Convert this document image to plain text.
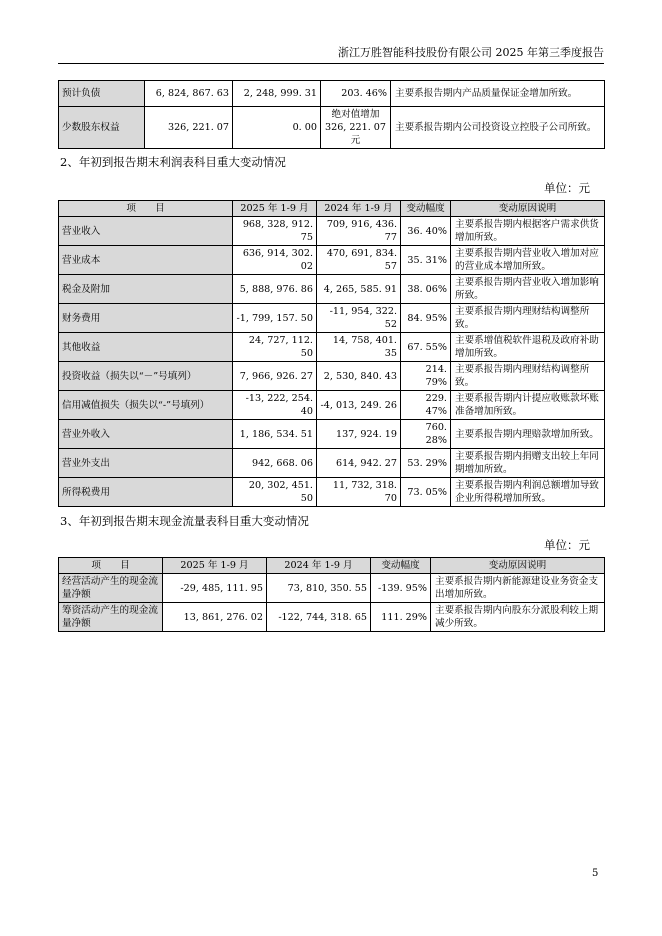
浙江万胜智能科技股份有限公司 2025 年第三季度报告
预计负债	6, 824, 867. 63	2, 248, 999. 31	203. 46%	主要系报告期内产品质量保证金增加所致。
少数股东权益	326, 221. 07	0. 00	绝对值增加326, 221. 07元	主要系报告期内公司投资设立控股子公司所致。
2、年初到报告期末利润表科目重大变动情况
单位：元
项　　目	2025 年 1-9 月	2024 年 1-9 月	变动幅度	变动原因说明
营业收入	968, 328, 912. 75	709, 916, 436. 77	36. 40%	主要系报告期内根据客户需求供货增加所致。
营业成本	636, 914, 302. 02	470, 691, 834. 57	35. 31%	主要系报告期内营业收入增加对应的营业成本增加所致。
税金及附加	5, 888, 976. 86	4, 265, 585. 91	38. 06%	主要系报告期内营业收入增加影响所致。
财务费用	-1, 799, 157. 50	-11, 954, 322. 52	84. 95%	主要系报告期内理财结构调整所致。
其他收益	24, 727, 112. 50	14, 758, 401. 35	67. 55%	主要系增值税软件退税及政府补助增加所致。
投资收益（损失以“－”号填列）	7, 966, 926. 27	2, 530, 840. 43	214. 79%	主要系报告期内理财结构调整所致。
信用减值损失（损失以“-”号填列）	-13, 222, 254. 40	-4, 013, 249. 26	229. 47%	主要系报告期内计提应收账款坏账准备增加所致。
营业外收入	1, 186, 534. 51	137, 924. 19	760. 28%	主要系报告期内理赔款增加所致。
营业外支出	942, 668. 06	614, 942. 27	53. 29%	主要系报告期内捐赠支出较上年同期增加所致。
所得税费用	20, 302, 451. 50	11, 732, 318. 70	73. 05%	主要系报告期内利润总额增加导致企业所得税增加所致。
3、年初到报告期末现金流量表科目重大变动情况
单位：元
项　　目	2025 年 1-9 月	2024 年 1-9 月	变动幅度	变动原因说明
经营活动产生的现金流量净额	-29, 485, 111. 95	73, 810, 350. 55	-139. 95%	主要系报告期内新能源建设业务资金支出增加所致。
筹资活动产生的现金流量净额	13, 861, 276. 02	-122, 744, 318. 65	111. 29%	主要系报告期内向股东分派股利较上期减少所致。
5
